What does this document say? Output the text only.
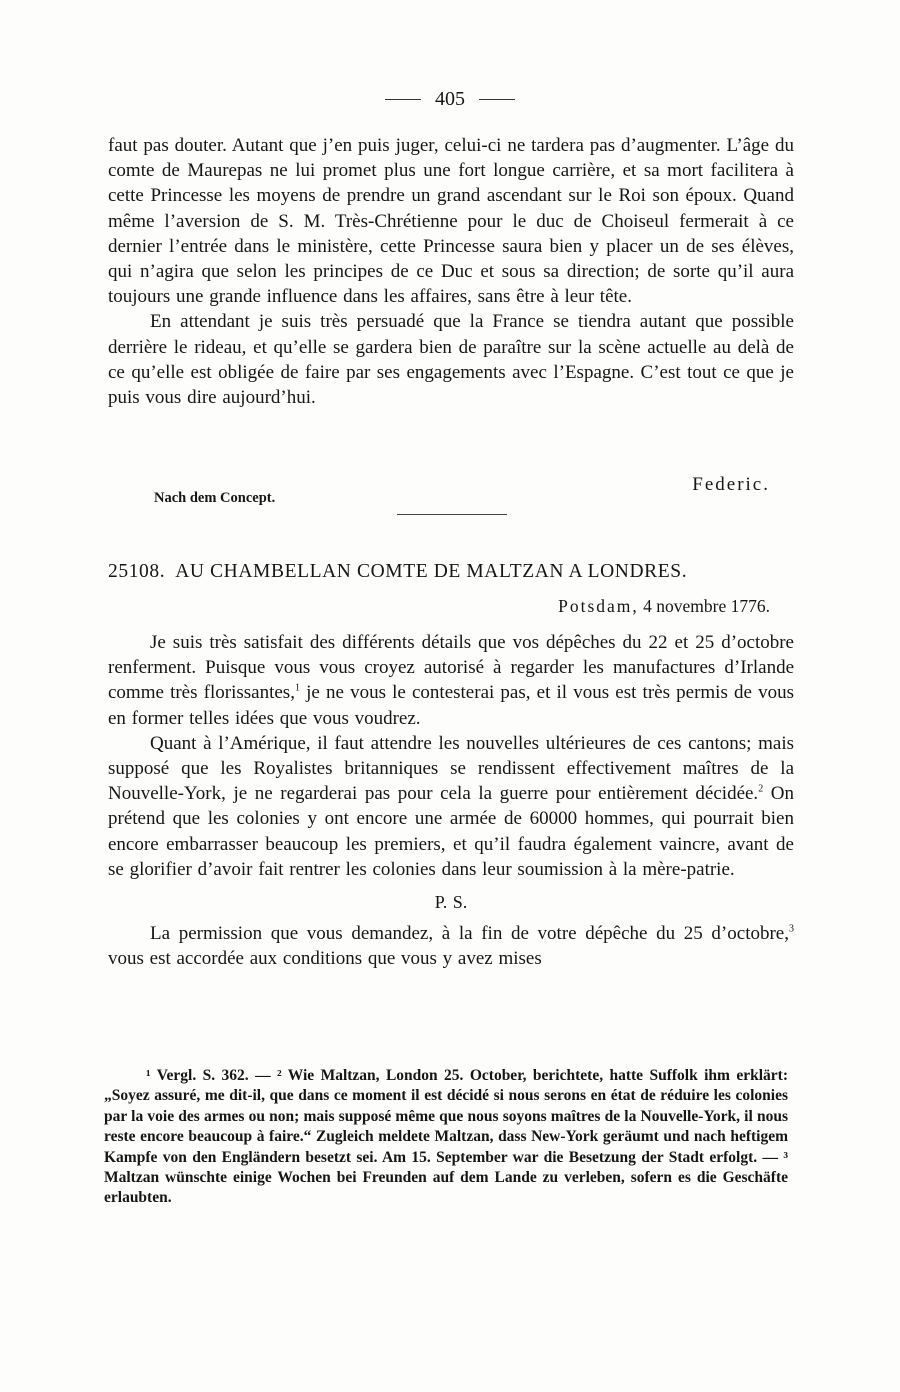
405

faut pas douter. Autant que j’en puis juger, celui-ci ne tardera pas d’augmenter. L’âge du comte de Maurepas ne lui promet plus une fort longue carrière, et sa mort facilitera à cette Princesse les moyens de prendre un grand ascendant sur le Roi son époux. Quand même l’aversion de S. M. Très-Chrétienne pour le duc de Choiseul fermerait à ce dernier l’entrée dans le ministère, cette Princesse saura bien y placer un de ses élèves, qui n’agira que selon les principes de ce Duc et sous sa direction; de sorte qu’il aura toujours une grande influence dans les affaires, sans être à leur tête.

En attendant je suis très persuadé que la France se tiendra autant que possible derrière le rideau, et qu’elle se gardera bien de paraître sur la scène actuelle au delà de ce qu’elle est obligée de faire par ses engagements avec l’Espagne. C’est tout ce que je puis vous dire aujourd’hui.

Federic.
Nach dem Concept.
25108. AU CHAMBELLAN COMTE DE MALTZAN A LONDRES.
Potsdam, 4 novembre 1776.

Je suis très satisfait des différents détails que vos dépêches du 22 et 25 d’octobre renferment. Puisque vous vous croyez autorisé à regarder les manufactures d’Irlande comme très florissantes,$^1$ je ne vous le contesterai pas, et il vous est très permis de vous en former telles idées que vous voudrez.

Quant à l’Amérique, il faut attendre les nouvelles ultérieures de ces cantons; mais supposé que les Royalistes britanniques se rendissent effectivement maîtres de la Nouvelle-York, je ne regarderai pas pour cela la guerre pour entièrement décidée.$^2$ On prétend que les colonies y ont encore une armée de 60000 hommes, qui pourrait bien encore embarrasser beaucoup les premiers, et qu’il faudra également vaincre, avant de se glorifier d’avoir fait rentrer les colonies dans leur soumission à la mère-patrie.

P. S.

La permission que vous demandez, à la fin de votre dépêche du 25 d’octobre,$^3$ vous est accordée aux conditions que vous y avez mises

¹ Vergl. S. 362. — ² Wie Maltzan, London 25. October, berichtete, hatte Suffolk ihm erklärt: „Soyez assuré, me dit-il, que dans ce moment il est décidé si nous serons en état de réduire les colonies par la voie des armes ou non; mais supposé même que nous soyons maîtres de la Nouvelle-York, il nous reste encore beaucoup à faire.“ Zugleich meldete Maltzan, dass New-York geräumt und nach heftigem Kampfe von den Engländern besetzt sei. Am 15. September war die Besetzung der Stadt erfolgt. — ³ Maltzan wünschte einige Wochen bei Freunden auf dem Lande zu verleben, sofern es die Geschäfte erlaubten.
